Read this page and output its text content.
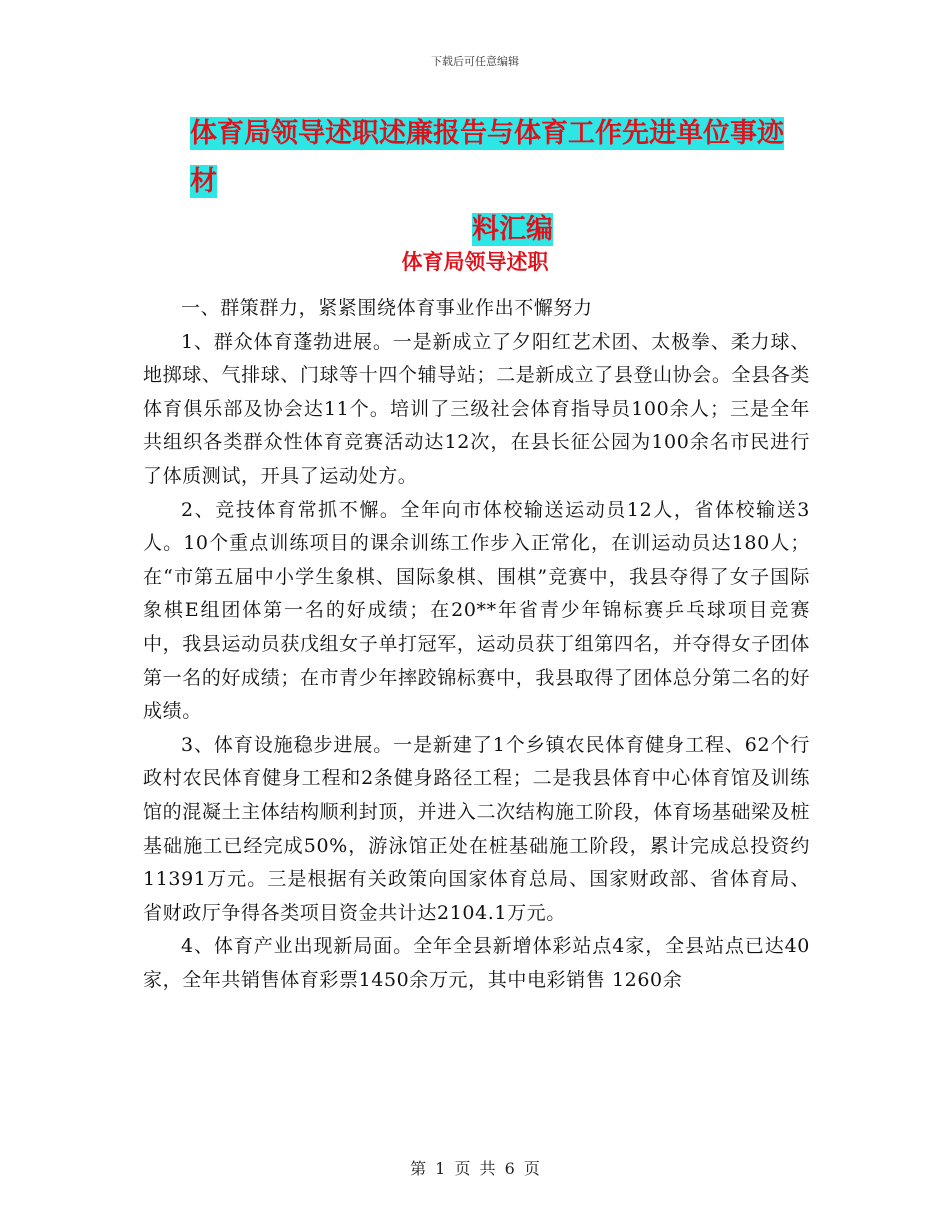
下载后可任意编辑
体育局领导述职述廉报告与体育工作先进单位事迹材
料汇编
体育局领导述职

一、群策群力，紧紧围绕体育事业作出不懈努力

1、群众体育蓬勃进展。一是新成立了夕阳红艺术团、太极拳、柔力球、地掷球、气排球、门球等十四个辅导站；二是新成立了县登山协会。全县各类体育俱乐部及协会达11个。培训了三级社会体育指导员100余人；三是全年共组织各类群众性体育竞赛活动达12次，在县长征公园为100余名市民进行了体质测试，开具了运动处方。

2、竞技体育常抓不懈。全年向市体校输送运动员12人，省体校输送3人。10个重点训练项目的课余训练工作步入正常化，在训运动员达180人；在“市第五届中小学生象棋、国际象棋、围棋”竞赛中，我县夺得了女子国际象棋E组团体第一名的好成绩；在20**年省青少年锦标赛乒乓球项目竞赛中，我县运动员获戊组女子单打冠军，运动员获丁组第四名，并夺得女子团体第一名的好成绩；在市青少年摔跤锦标赛中，我县取得了团体总分第二名的好成绩。

3、体育设施稳步进展。一是新建了1个乡镇农民体育健身工程、62个行政村农民体育健身工程和2条健身路径工程；二是我县体育中心体育馆及训练馆的混凝土主体结构顺利封顶，并进入二次结构施工阶段，体育场基础梁及桩基础施工已经完成50%，游泳馆正处在桩基础施工阶段，累计完成总投资约11391万元。三是根据有关政策向国家体育总局、国家财政部、省体育局、省财政厅争得各类项目资金共计达2104.1万元。

4、体育产业出现新局面。全年全县新增体彩站点4家，全县站点已达40家，全年共销售体育彩票1450余万元，其中电彩销售 1260余

第 1 页 共 6 页
